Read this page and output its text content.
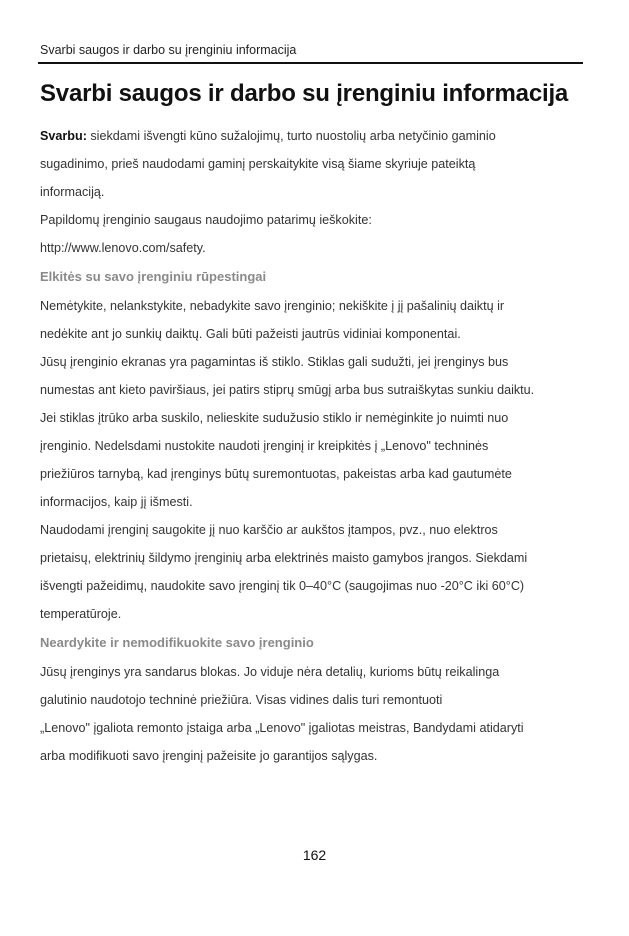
Svarbi saugos ir darbo su įrenginiu informacija
Svarbi saugos ir darbo su įrenginiu informacija

Svarbu: siekdami išvengti kūno sužalojimų, turto nuostolių arba netyčinio gaminio

sugadinimo, prieš naudodami gaminį perskaitykite visą šiame skyriuje pateiktą

informaciją.

Papildomų įrenginio saugaus naudojimo patarimų ieškokite:

http://www.lenovo.com/safety.

Elkitės su savo įrenginiu rūpestingai

Nemėtykite, nelankstykite, nebadykite savo įrenginio; nekiškite į jį pašalinių daiktų ir

nedėkite ant jo sunkių daiktų. Gali būti pažeisti jautrūs vidiniai komponentai.

Jūsų įrenginio ekranas yra pagamintas iš stiklo. Stiklas gali sudužti, jei įrenginys bus

numestas ant kieto paviršiaus, jei patirs stiprų smūgį arba bus sutraiškytas sunkiu daiktu.

Jei stiklas įtrūko arba suskilo, nelieskite sudužusio stiklo ir nemėginkite jo nuimti nuo

įrenginio. Nedelsdami nustokite naudoti įrenginį ir kreipkitės į „Lenovo" techninės

priežiūros tarnybą, kad įrenginys būtų suremontuotas, pakeistas arba kad gautumėte

informacijos, kaip jį išmesti.

Naudodami įrenginį saugokite jį nuo karščio ar aukštos įtampos, pvz., nuo elektros

prietaisų, elektrinių šildymo įrenginių arba elektrinės maisto gamybos įrangos. Siekdami

išvengti pažeidimų, naudokite savo įrenginį tik 0–40°C (saugojimas nuo -20°C iki 60°C)

temperatūroje.

Neardykite ir nemodifikuokite savo įrenginio

Jūsų įrenginys yra sandarus blokas. Jo viduje nėra detalių, kurioms būtų reikalinga

galutinio naudotojo techninė priežiūra. Visas vidines dalis turi remontuoti

„Lenovo" įgaliota remonto įstaiga arba „Lenovo" įgaliotas meistras, Bandydami atidaryti

arba modifikuoti savo įrenginį pažeisite jo garantijos sąlygas.

162
